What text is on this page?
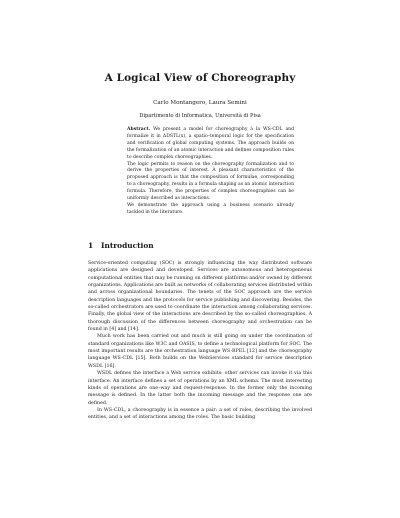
A Logical View of Choreography
Carlo Montangero, Laura Semini
Dipartimento di Informatica, Università di Pisa

Abstract. We present a model for choreography à la WS-CDL and formalize it in ΔDSTL(x), a spatio–temporal logic for the specification and verification of global computing systems. The approach builds on the formalization of an atomic interaction and defines composition rules to describe complex choreographies.

The logic permits to reason on the choreography formalization and to derive the properties of interest. A pleasant characteristics of the proposed approach is that the composition of formulae, corresponding to a choreography, results in a formula shaping as an atomic interaction formula. Therefore, the properties of complex choreographies can be uniformly described as interactions.

We demonstrate the approach using a business scenario already tackled in the literature.

1 Introduction

Service-oriented computing (SOC) is strongly influencing the way distributed software applications are designed and developed. Services are autonomous and heterogeneous computational entities that may be running on different platforms and/or owned by different organizations. Applications are built as networks of collaborating services distributed within and across organizational boundaries. The tenets of the SOC approach are the service description languages and the protocols for service publishing and discovering. Besides, the so-called orchestrators are used to coordinate the interaction among collaborating services. Finally, the global view of the interactions are described by the so-called choreographies. A thorough discussion of the differences between choreography and orchestration can be found in [4] and [14].

Much work has been carried out and much is still going on under the coordination of standard organizations like W3C and OASIS, to define a technological platform for SOC. The most important results are the orchestration language WS-BPEL [12] and the choreography language WS-CDL [15]. Both builds on the WebServices standard for service description WSDL [16].

WSDL defines the interface a Web service exhibits: other services can invoke it via this interface. An interface defines a set of operations by an XML schema. The most interesting kinds of operations are one–way and request-response. In the former only the incoming message is defined. In the latter both the incoming message and the response one are defined.

In WS-CDL, a choreography is in essence a pair: a set of roles, describing the involved entities, and a set of interactions among the roles. The basic building
